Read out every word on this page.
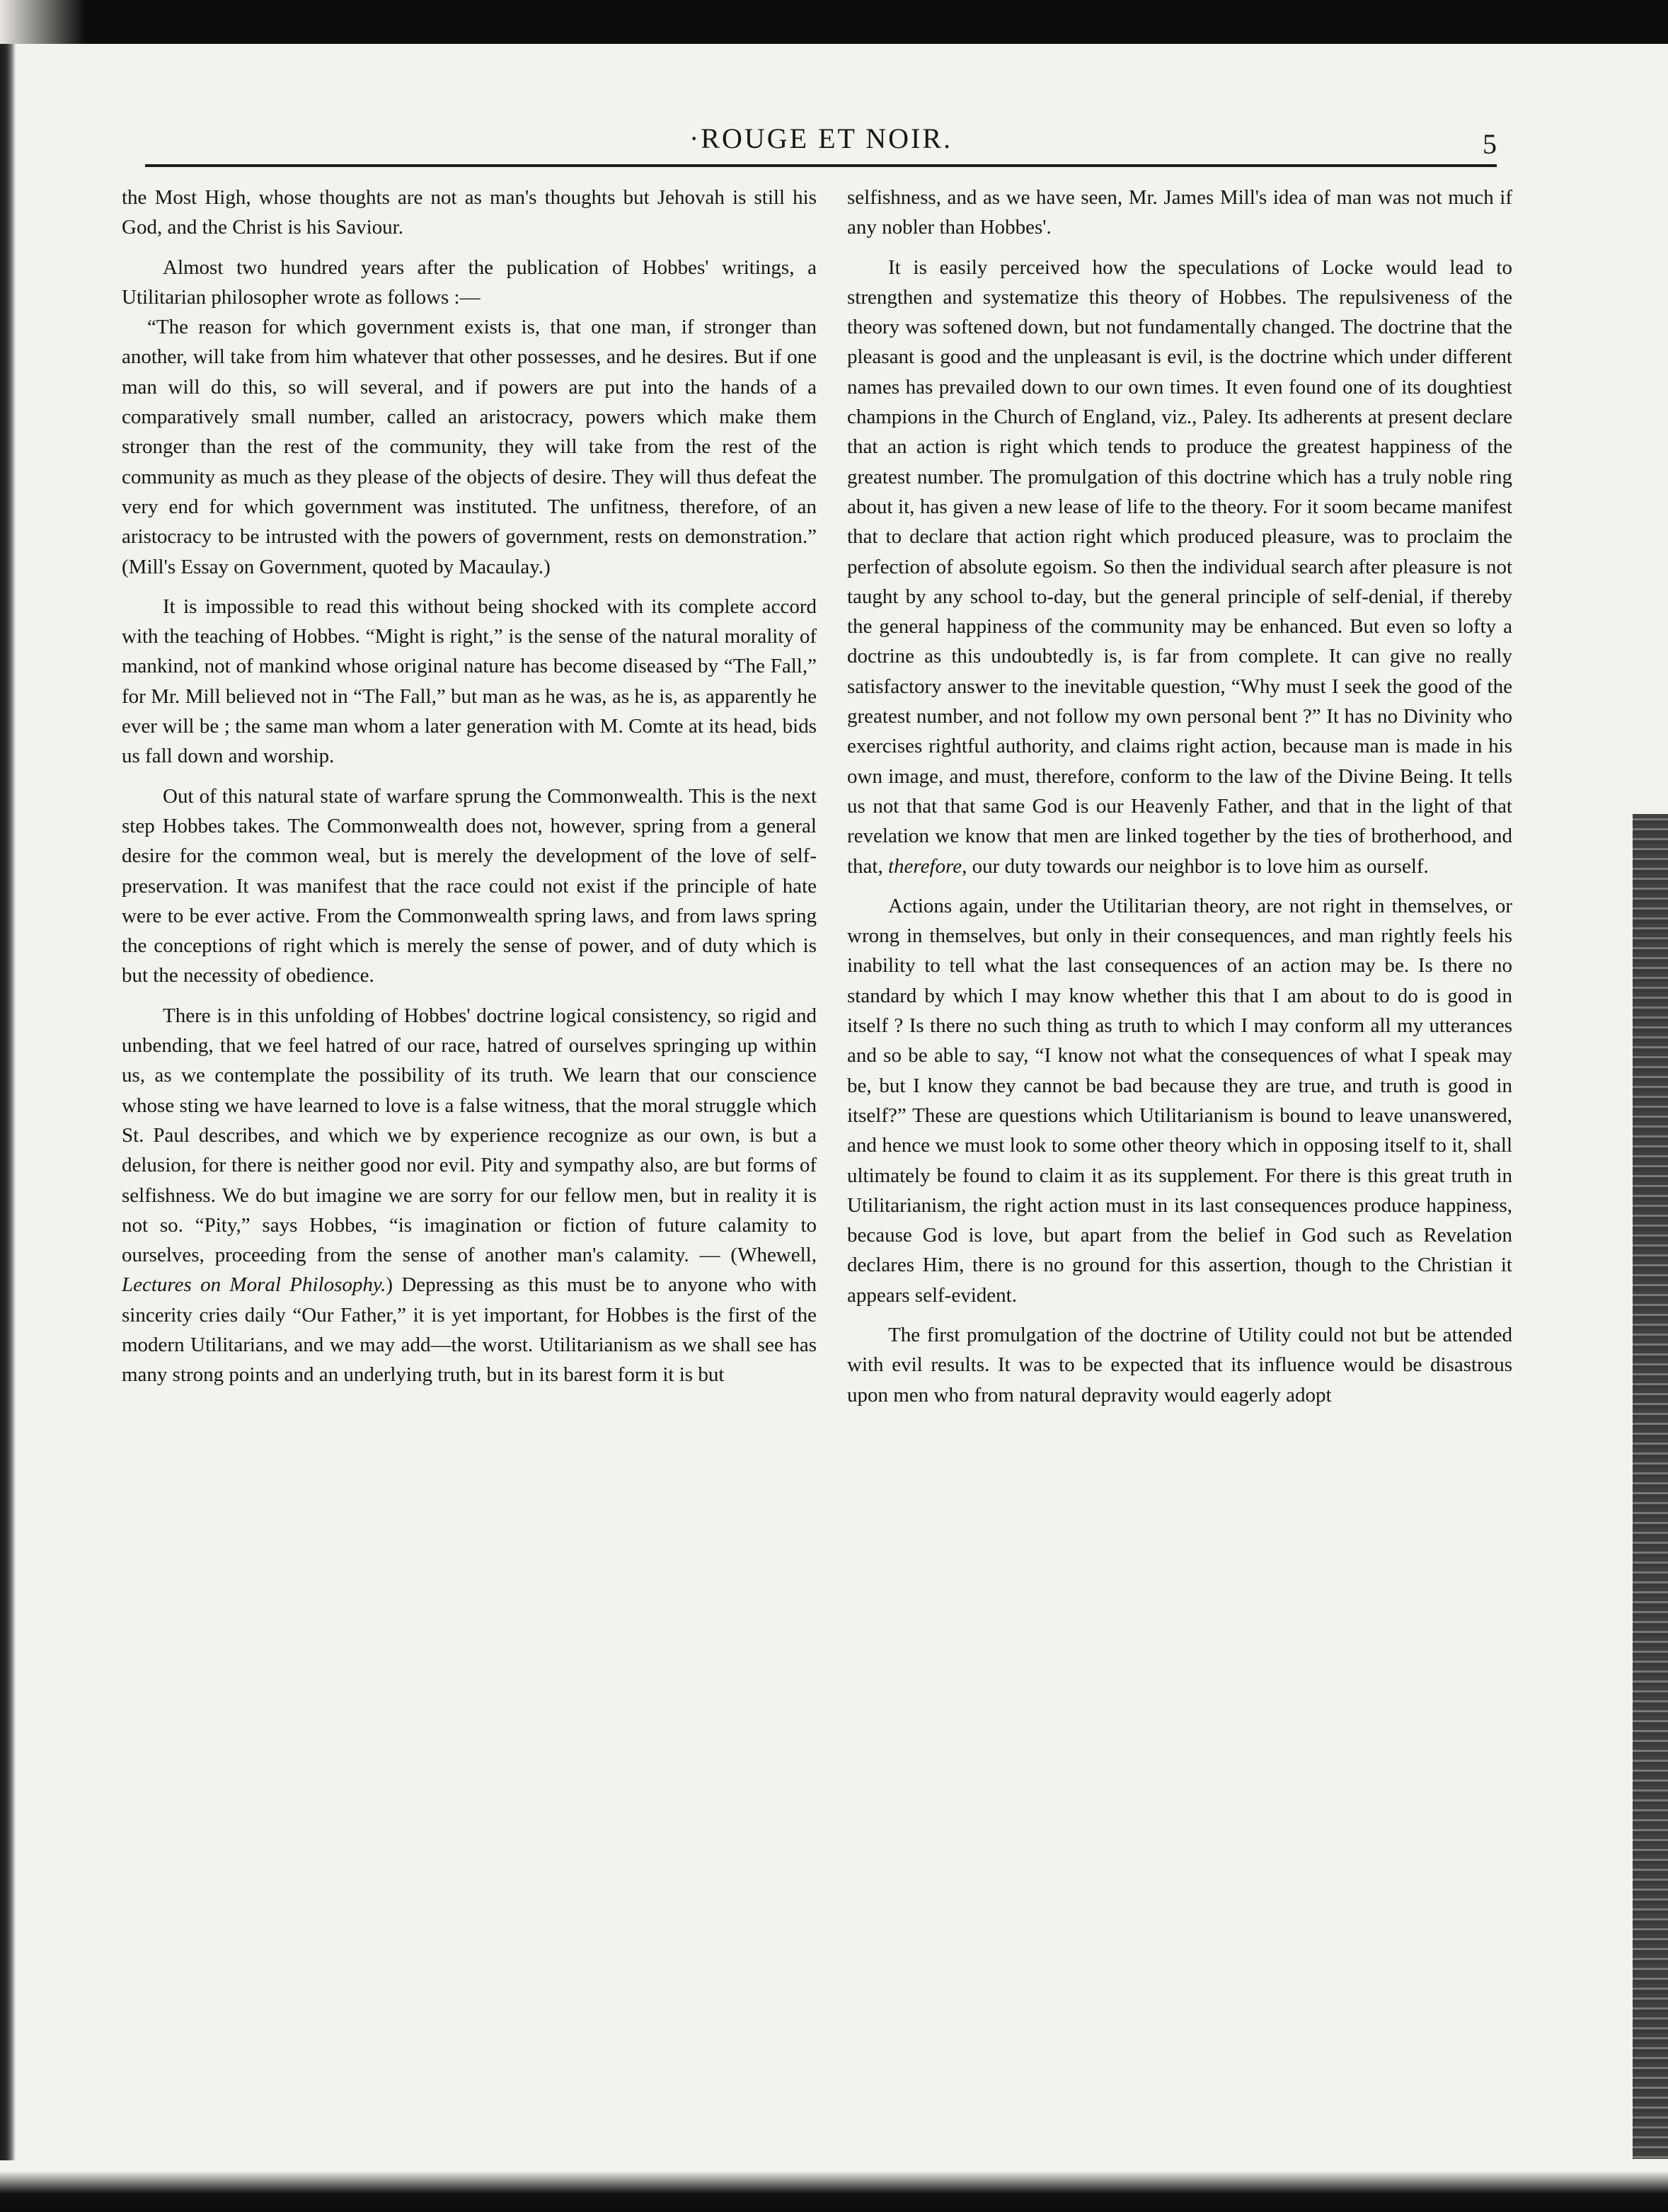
·ROUGE ET NOIR.	5

the Most High, whose thoughts are not as man's thoughts but Jehovah is still his God, and the Christ is his Saviour.

Almost two hundred years after the publication of Hobbes' writings, a Utilitarian philosopher wrote as follows :—

“The reason for which government exists is, that one man, if stronger than another, will take from him whatever that other possesses, and he desires. But if one man will do this, so will several, and if powers are put into the hands of a comparatively small number, called an aristocracy, powers which make them stronger than the rest of the community, they will take from the rest of the community as much as they please of the objects of desire. They will thus defeat the very end for which government was instituted. The unfitness, therefore, of an aristocracy to be intrusted with the powers of government, rests on demonstration.” (Mill's Essay on Government, quoted by Macaulay.)

It is impossible to read this without being shocked with its complete accord with the teaching of Hobbes. “Might is right,” is the sense of the natural morality of mankind, not of mankind whose original nature has become diseased by “The Fall,” for Mr. Mill believed not in “The Fall,” but man as he was, as he is, as apparently he ever will be ; the same man whom a later generation with M. Comte at its head, bids us fall down and worship.

Out of this natural state of warfare sprung the Commonwealth. This is the next step Hobbes takes. The Commonwealth does not, however, spring from a general desire for the common weal, but is merely the development of the love of self-preservation. It was manifest that the race could not exist if the principle of hate were to be ever active. From the Commonwealth spring laws, and from laws spring the conceptions of right which is merely the sense of power, and of duty which is but the necessity of obedience.

There is in this unfolding of Hobbes' doctrine logical consistency, so rigid and unbending, that we feel hatred of our race, hatred of ourselves springing up within us, as we contemplate the possibility of its truth. We learn that our conscience whose sting we have learned to love is a false witness, that the moral struggle which St. Paul describes, and which we by experience recognize as our own, is but a delusion, for there is neither good nor evil. Pity and sympathy also, are but forms of selfishness. We do but imagine we are sorry for our fellow men, but in reality it is not so. “Pity,” says Hobbes, “is imagination or fiction of future calamity to ourselves, proceeding from the sense of another man's calamity. — (Whewell, Lectures on Moral Philosophy.) Depressing as this must be to anyone who with sincerity cries daily “Our Father,” it is yet important, for Hobbes is the first of the modern Utilitarians, and we may add—the worst. Utilitarianism as we shall see has many strong points and an underlying truth, but in its barest form it is but

selfishness, and as we have seen, Mr. James Mill's idea of man was not much if any nobler than Hobbes'.

It is easily perceived how the speculations of Locke would lead to strengthen and systematize this theory of Hobbes. The repulsiveness of the theory was softened down, but not fundamentally changed. The doctrine that the pleasant is good and the unpleasant is evil, is the doctrine which under different names has prevailed down to our own times. It even found one of its doughtiest champions in the Church of England, viz., Paley. Its adherents at present declare that an action is right which tends to produce the greatest happiness of the greatest number. The promulgation of this doctrine which has a truly noble ring about it, has given a new lease of life to the theory. For it soom became manifest that to declare that action right which produced pleasure, was to proclaim the perfection of absolute egoism. So then the individual search after pleasure is not taught by any school to-day, but the general principle of self-denial, if thereby the general happiness of the community may be enhanced. But even so lofty a doctrine as this undoubtedly is, is far from complete. It can give no really satisfactory answer to the inevitable question, “Why must I seek the good of the greatest number, and not follow my own personal bent ?” It has no Divinity who exercises rightful authority, and claims right action, because man is made in his own image, and must, therefore, conform to the law of the Divine Being. It tells us not that that same God is our Heavenly Father, and that in the light of that revelation we know that men are linked together by the ties of brotherhood, and that, therefore, our duty towards our neighbor is to love him as ourself.

Actions again, under the Utilitarian theory, are not right in themselves, or wrong in themselves, but only in their consequences, and man rightly feels his inability to tell what the last consequences of an action may be. Is there no standard by which I may know whether this that I am about to do is good in itself ? Is there no such thing as truth to which I may conform all my utterances and so be able to say, “I know not what the consequences of what I speak may be, but I know they cannot be bad because they are true, and truth is good in itself?” These are questions which Utilitarianism is bound to leave unanswered, and hence we must look to some other theory which in opposing itself to it, shall ultimately be found to claim it as its supplement. For there is this great truth in Utilitarianism, the right action must in its last consequences produce happiness, because God is love, but apart from the belief in God such as Revelation declares Him, there is no ground for this assertion, though to the Christian it appears self-evident.

The first promulgation of the doctrine of Utility could not but be attended with evil results. It was to be expected that its influence would be disastrous upon men who from natural depravity would eagerly adopt
